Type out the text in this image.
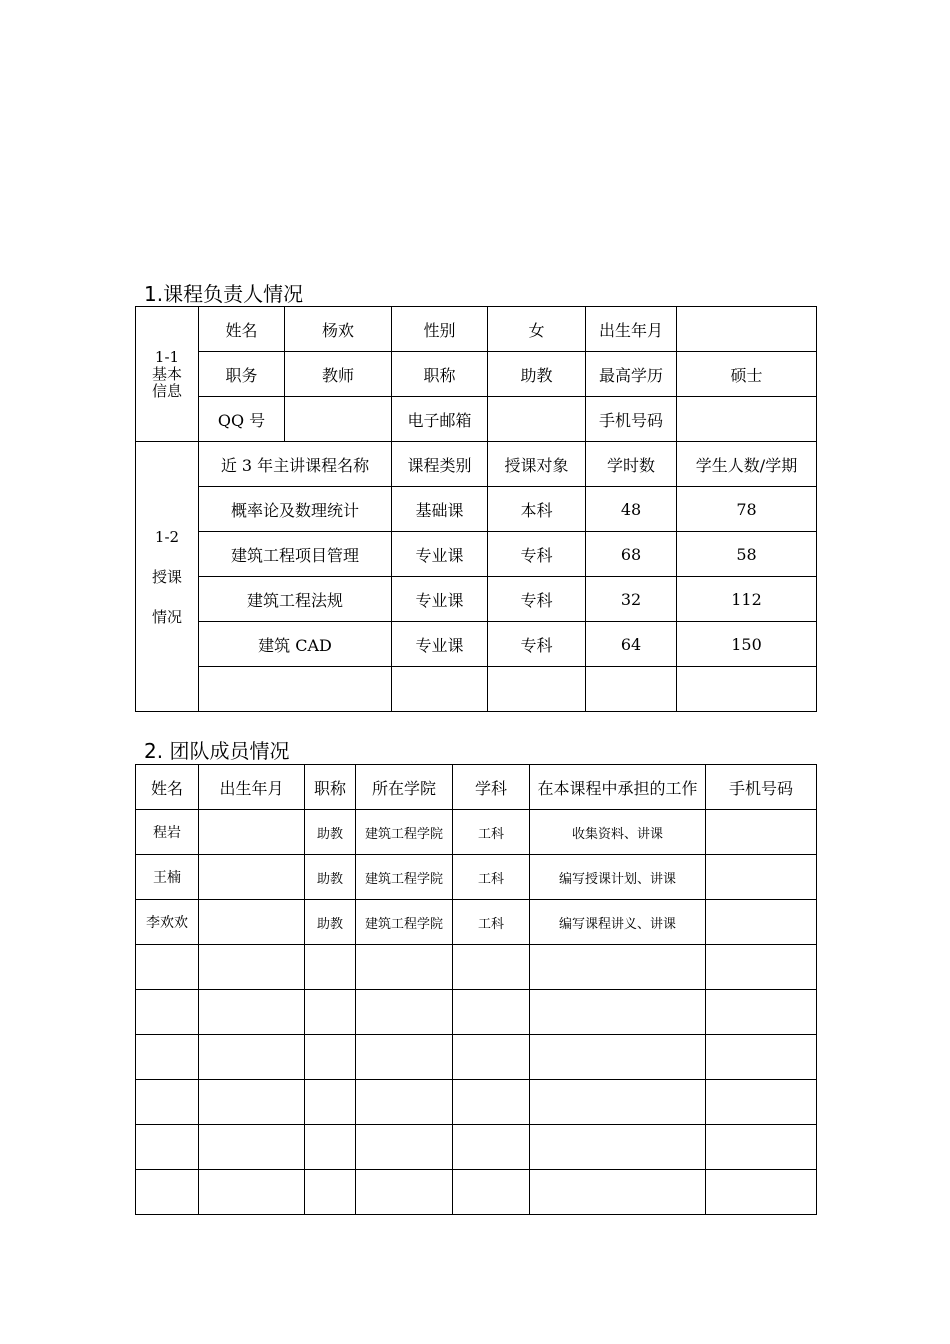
1.课程负责人情况
1-1
基本
信息	姓名	杨欢	性别	女	出生年月	
	职务	教师	职称	助教	最高学历	硕士
	QQ 号		电子邮箱		手机号码	

1-2
授课
情况	近 3 年主讲课程名称		课程类别	授课对象	学时数	学生人数/学期
	概率论及数理统计		基础课	本科	48	78
	建筑工程项目管理		专业课	专科	68	58
	建筑工程法规		专业课	专科	32	112
	建筑 CAD		专业课	专科	64	150

2. 团队成员情况
姓名	出生年月	职称	所在学院	学科	在本课程中承担的工作	手机号码
程岩		助教	建筑工程学院	工科	收集资料、讲课	
王楠		助教	建筑工程学院	工科	编写授课计划、讲课	
李欢欢		助教	建筑工程学院	工科	编写课程讲义、讲课	
